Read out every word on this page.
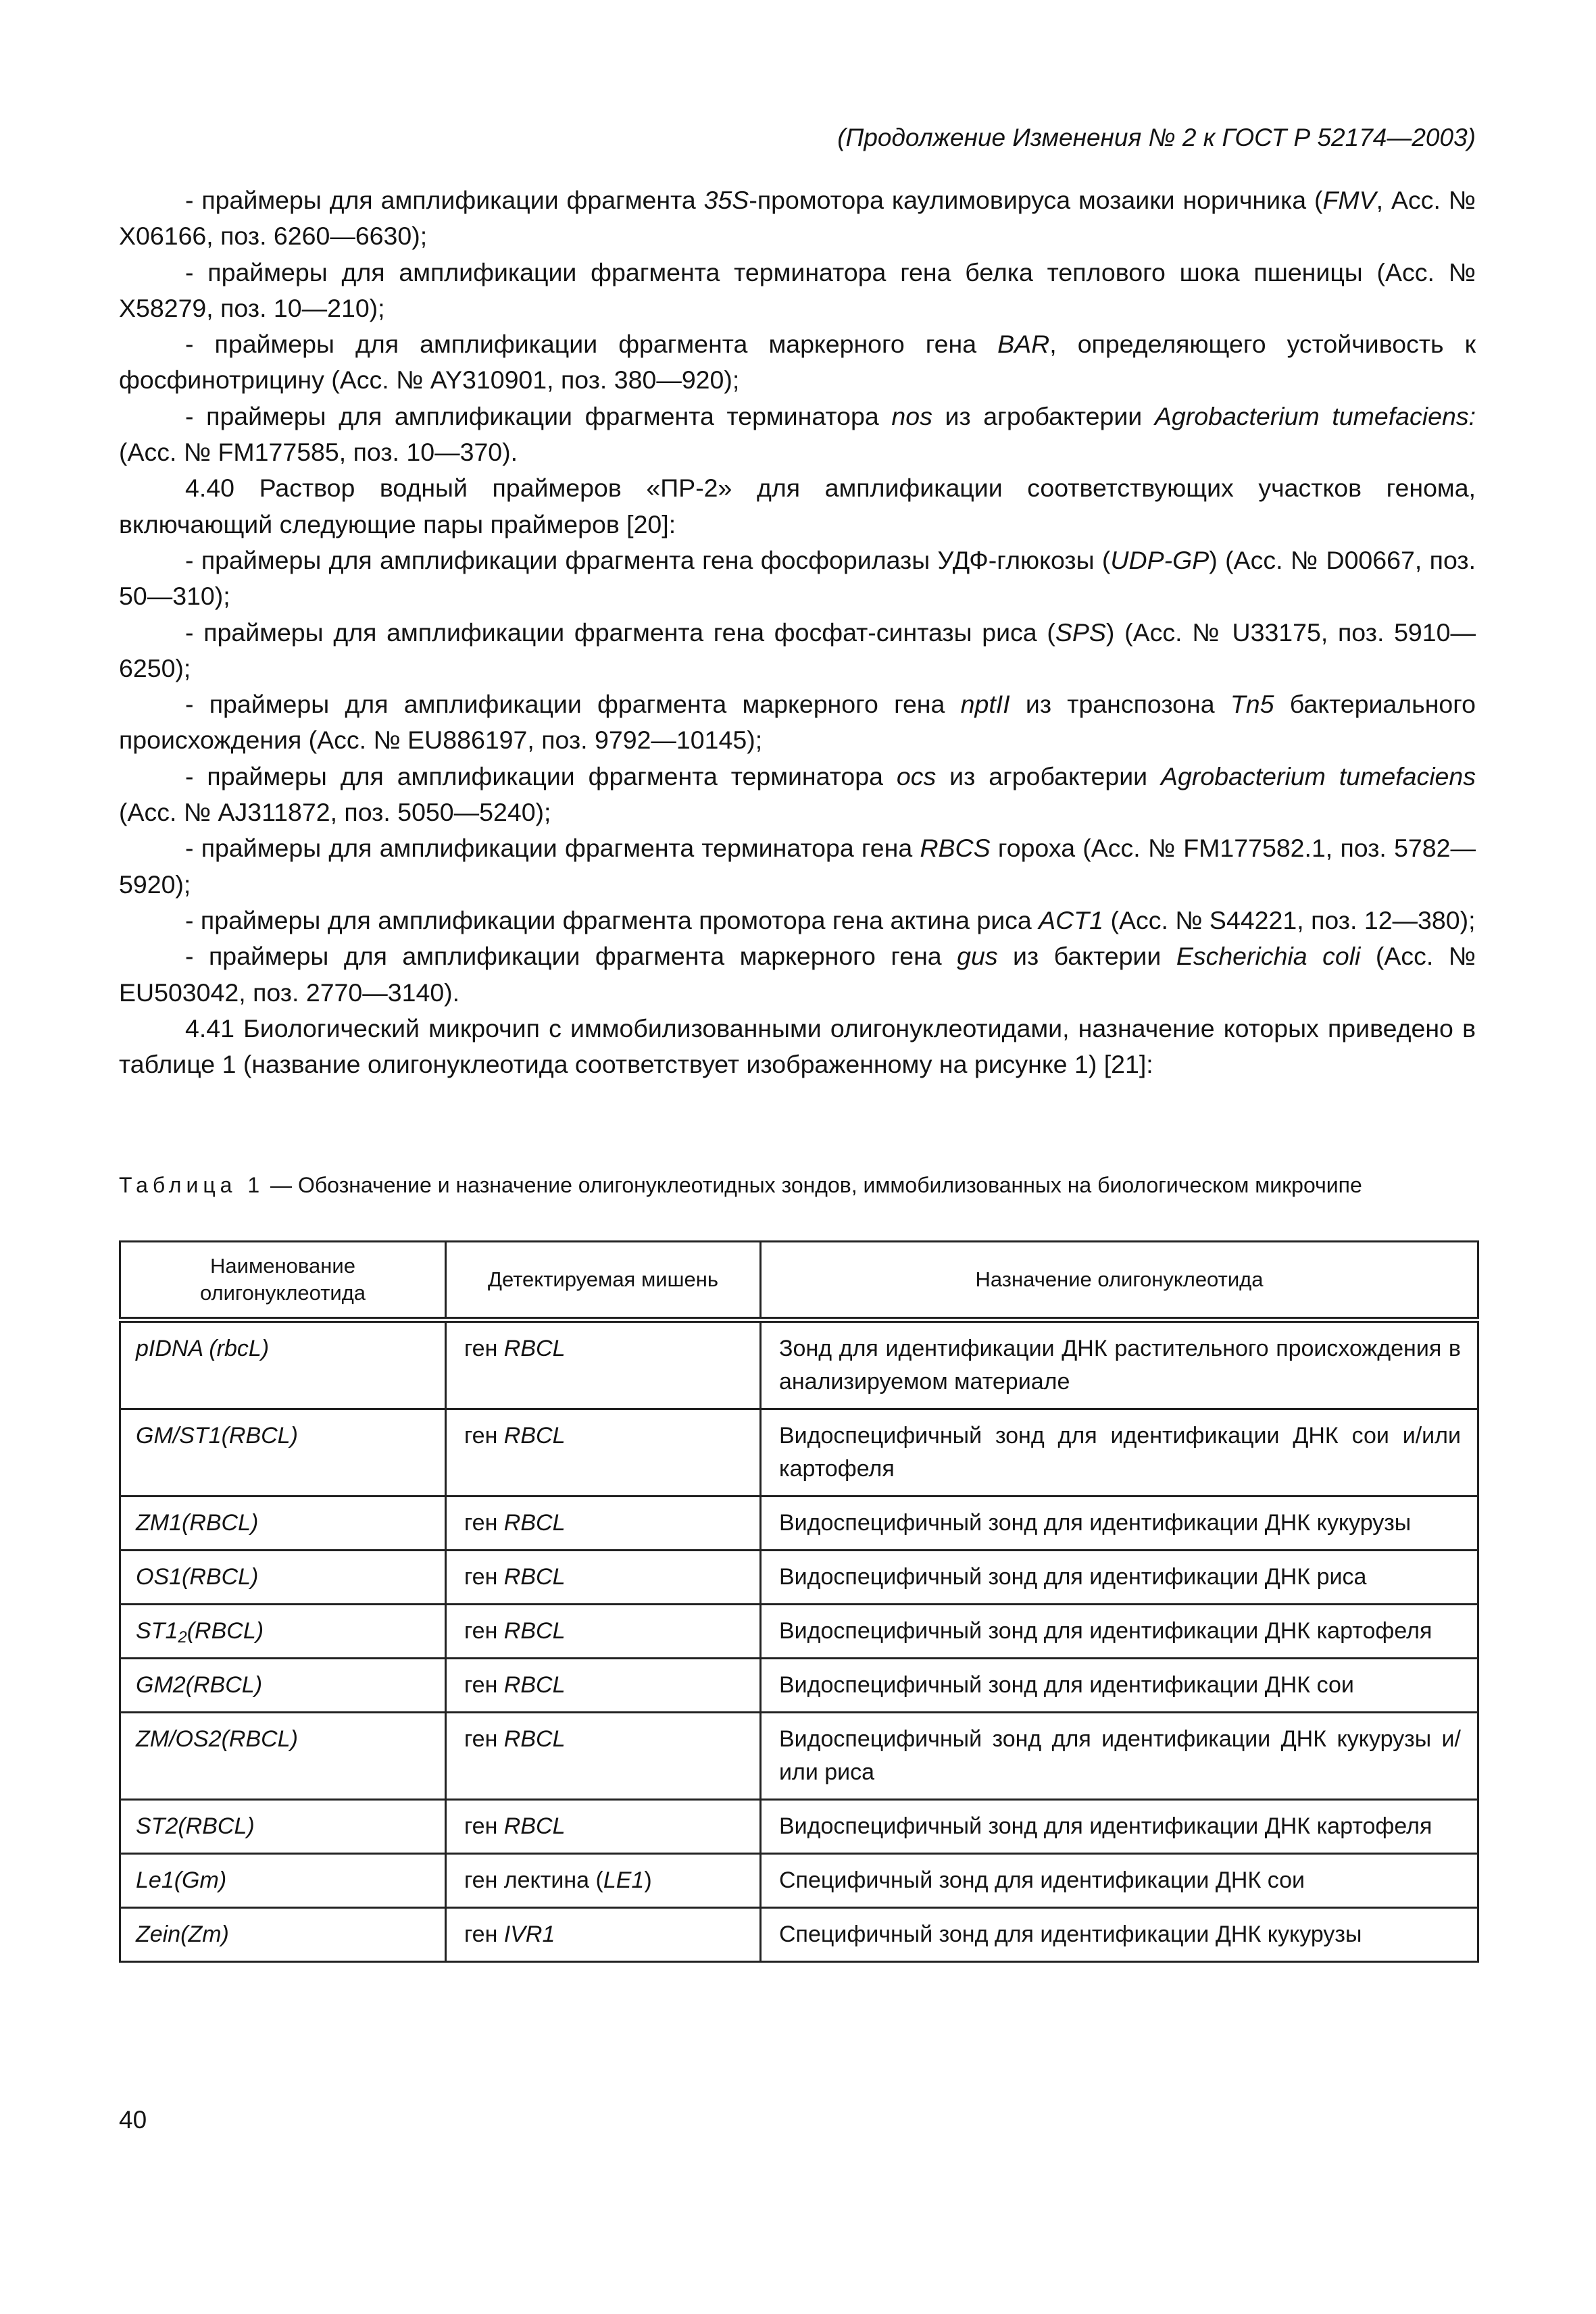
(Продолжение Изменения № 2 к ГОСТ Р 52174—2003)

- праймеры для амплификации фрагмента 35S-промотора каулимовируса мозаики норичника (FMV, Асс. № Х06166, поз. 6260—6630);

- праймеры для амплификации фрагмента терминатора гена белка теплового шока пшеницы (Асс. № Х58279, поз. 10—210);

- праймеры для амплификации фрагмента маркерного гена BAR, определяющего устойчивость к фосфинотрицину (Асс. № AY310901, поз. 380—920);

- праймеры для амплификации фрагмента терминатора nos из агробактерии Agrobacterium tumefaciens: (Асс. № FM177585, поз. 10—370).

4.40 Раствор водный праймеров «ПР-2» для амплификации соответствующих участков генома, включающий следующие пары праймеров [20]:

- праймеры для амплификации фрагмента гена фосфорилазы УДФ-глюкозы (UDP-GP) (Асс. № D00667, поз. 50—310);

- праймеры для амплификации фрагмента гена фосфат-синтазы риса (SPS) (Асс. № U33175, поз. 5910—6250);

- праймеры для амплификации фрагмента маркерного гена nptII из транспозона Tn5 бактериального происхождения (Асс. № EU886197, поз. 9792—10145);

- праймеры для амплификации фрагмента терминатора ocs из агробактерии Agrobacterium tumefaciens (Асс. № AJ311872, поз. 5050—5240);

- праймеры для амплификации фрагмента терминатора гена RBCS гороха (Асс. № FM177582.1, поз. 5782—5920);

- праймеры для амплификации фрагмента промотора гена актина риса ACT1 (Асс. № S44221, поз. 12—380);

- праймеры для амплификации фрагмента маркерного гена gus из бактерии Escherichia coli (Асс. № EU503042, поз. 2770—3140).

4.41 Биологический микрочип с иммобилизованными олигонуклеотидами, назначение которых приведено в таблице 1 (название олигонуклеотида соответствует изображенному на рисунке 1) [21]:

Таблица 1 — Обозначение и назначение олигонуклеотидных зондов, иммобилизованных на биологическом микрочипе
Наименование олигонуклеотида	Детектируемая мишень	Назначение олигонуклеотида
pIDNA (rbcL)	ген RBCL	Зонд для идентификации ДНК растительного происхождения в анализируемом материале
GM/ST1(RBCL)	ген RBCL	Видоспецифичный зонд для идентификации ДНК сои и/или картофеля
ZM1(RBCL)	ген RBCL	Видоспецифичный зонд для идентификации ДНК кукурузы
OS1(RBCL)	ген RBCL	Видоспецифичный зонд для идентификации ДНК риса
$ST1_2(RBCL)$	ген RBCL	Видоспецифичный зонд для идентификации ДНК картофеля
GM2(RBCL)	ген RBCL	Видоспецифичный зонд для идентификации ДНК сои
ZM/OS2(RBCL)	ген RBCL	Видоспецифичный зонд для идентификации ДНК кукурузы и/или риса
ST2(RBCL)	ген RBCL	Видоспецифичный зонд для идентификации ДНК картофеля
Le1(Gm)	ген лектина (LE1)	Специфичный зонд для идентификации ДНК сои
Zein(Zm)	ген IVR1	Специфичный зонд для идентификации ДНК кукурузы
40
